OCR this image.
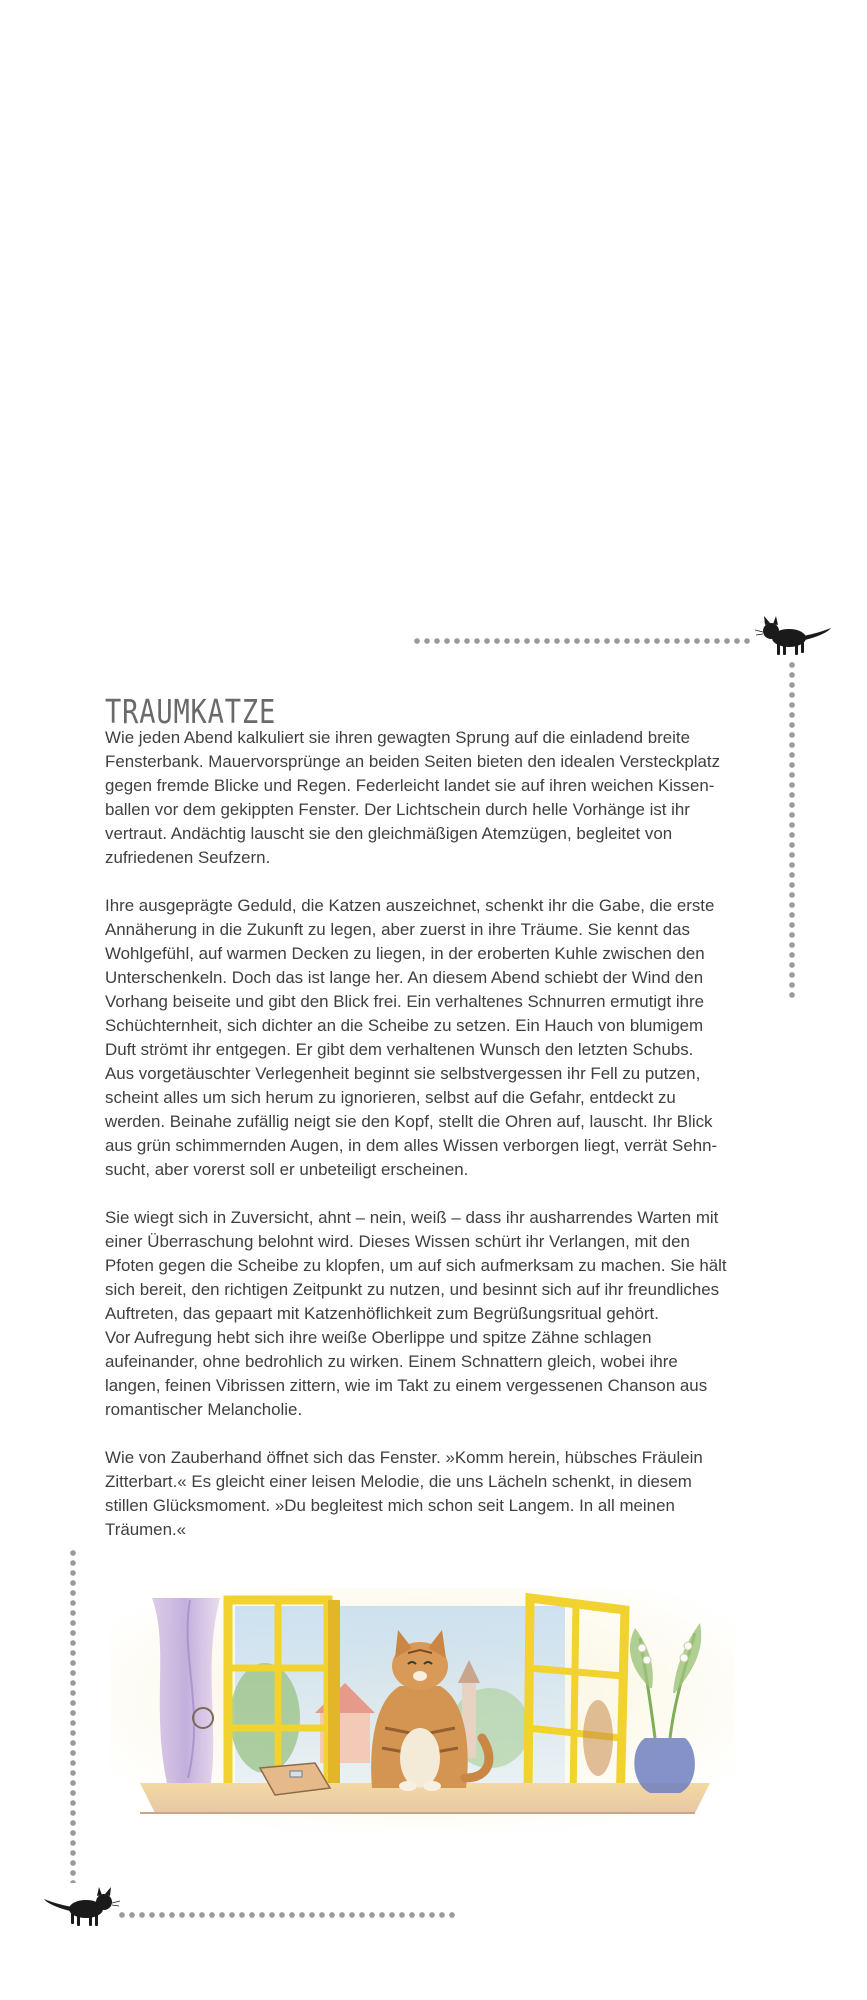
TRAUMKATZE

Wie jeden Abend kalkuliert sie ihren gewagten Sprung auf die einladend breite
Fensterbank. Mauervorsprünge an beiden Seiten bieten den idealen Versteckplatz
gegen fremde Blicke und Regen. Federleicht landet sie auf ihren weichen Kissen-
ballen vor dem gekippten Fenster. Der Lichtschein durch helle Vorhänge ist ihr
vertraut. Andächtig lauscht sie den gleichmäßigen Atemzügen, begleitet von
zufriedenen Seufzern.

Ihre ausgeprägte Geduld, die Katzen auszeichnet, schenkt ihr die Gabe, die erste
Annäherung in die Zukunft zu legen, aber zuerst in ihre Träume. Sie kennt das
Wohlgefühl, auf warmen Decken zu liegen, in der eroberten Kuhle zwischen den
Unterschenkeln. Doch das ist lange her. An diesem Abend schiebt der Wind den
Vorhang beiseite und gibt den Blick frei. Ein verhaltenes Schnurren ermutigt ihre
Schüchternheit, sich dichter an die Scheibe zu setzen. Ein Hauch von blumigem
Duft strömt ihr entgegen. Er gibt dem verhaltenen Wunsch den letzten Schubs.
Aus vorgetäuschter Verlegenheit beginnt sie selbstvergessen ihr Fell zu putzen,
scheint alles um sich herum zu ignorieren, selbst auf die Gefahr, entdeckt zu
werden. Beinahe zufällig neigt sie den Kopf, stellt die Ohren auf, lauscht. Ihr Blick
aus grün schimmernden Augen, in dem alles Wissen verborgen liegt, verrät Sehn-
sucht, aber vorerst soll er unbeteiligt erscheinen.

Sie wiegt sich in Zuversicht, ahnt – nein, weiß – dass ihr ausharrendes Warten mit
einer Überraschung belohnt wird. Dieses Wissen schürt ihr Verlangen, mit den
Pfoten gegen die Scheibe zu klopfen, um auf sich aufmerksam zu machen. Sie hält
sich bereit, den richtigen Zeitpunkt zu nutzen, und besinnt sich auf ihr freundliches
Auftreten, das gepaart mit Katzenhöflichkeit zum Begrüßungsritual gehört.
Vor Aufregung hebt sich ihre weiße Oberlippe und spitze Zähne schlagen
aufeinander, ohne bedrohlich zu wirken. Einem Schnattern gleich, wobei ihre
langen, feinen Vibrissen zittern, wie im Takt zu einem vergessenen Chanson aus
romantischer Melancholie.

Wie von Zauberhand öffnet sich das Fenster. »Komm herein, hübsches Fräulein
Zitterbart.« Es gleicht einer leisen Melodie, die uns Lächeln schenkt, in diesem
stillen Glücksmoment. »Du begleitest mich schon seit Langem. In all meinen
Träumen.«
